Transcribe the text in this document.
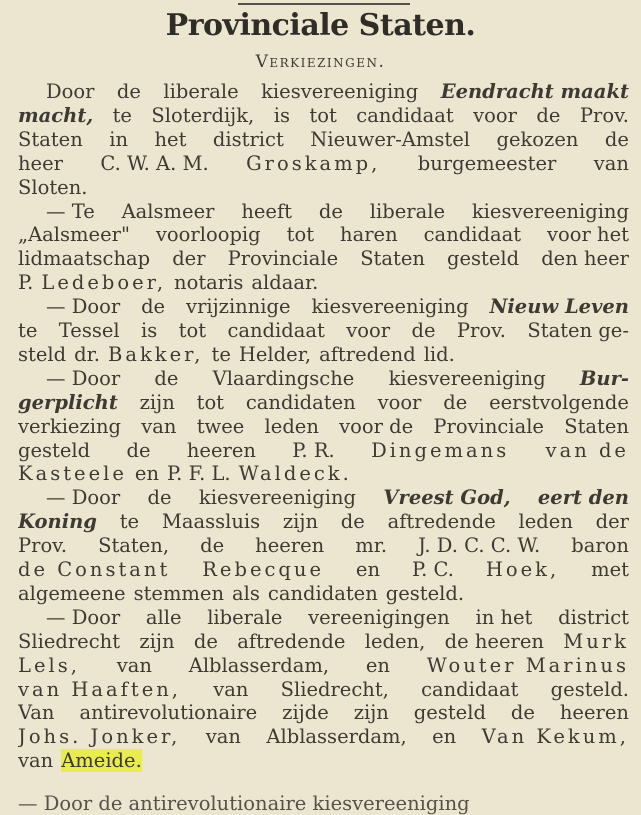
Provinciale Staten.
Verkiezingen.
Door de liberale kiesvereeniging Eendracht maakt
macht, te Sloterdijk, is tot candidaat voor de Prov.
Staten in het district Nieuwer-Amstel gekozen de
heer C. W. A. M. Groskamp, burgemeester van
Sloten.
— Te Aalsmeer heeft de liberale kiesvereeniging
„Aalsmeer" voorloopig tot haren candidaat voor het
lidmaatschap der Provinciale Staten gesteld den heer
P. Ledeboer, notaris aldaar.
— Door de vrijzinnige kiesvereeniging Nieuw Leven
te Tessel is tot candidaat voor de Prov. Staten ge-
steld dr. Bakker, te Helder, aftredend lid.
— Door de Vlaardingsche kiesvereeniging Bur-
gerplicht zijn tot candidaten voor de eerstvolgende
verkiezing van twee leden voor de Provinciale Staten
gesteld de heeren P. R. Dingemans van de
Kasteele en P. F. L. Waldeck.
— Door de kiesvereeniging Vreest God, eert den
Koning te Maassluis zijn de aftredende leden der
Prov. Staten, de heeren mr. J. D. C. C. W. baron
de Constant Rebecque en P. C. Hoek, met
algemeene stemmen als candidaten gesteld.
— Door alle liberale vereenigingen in het district
Sliedrecht zijn de aftredende leden, de heeren Murk
Lels, van Alblasserdam, en Wouter Marinus
van Haaften, van Sliedrecht, candidaat gesteld.
Van antirevolutionaire zijde zijn gesteld de heeren
Johs. Jonker, van Alblasserdam, en Van Kekum,
van Ameide.
— Door de antirevolutionaire kiesvereeniging
